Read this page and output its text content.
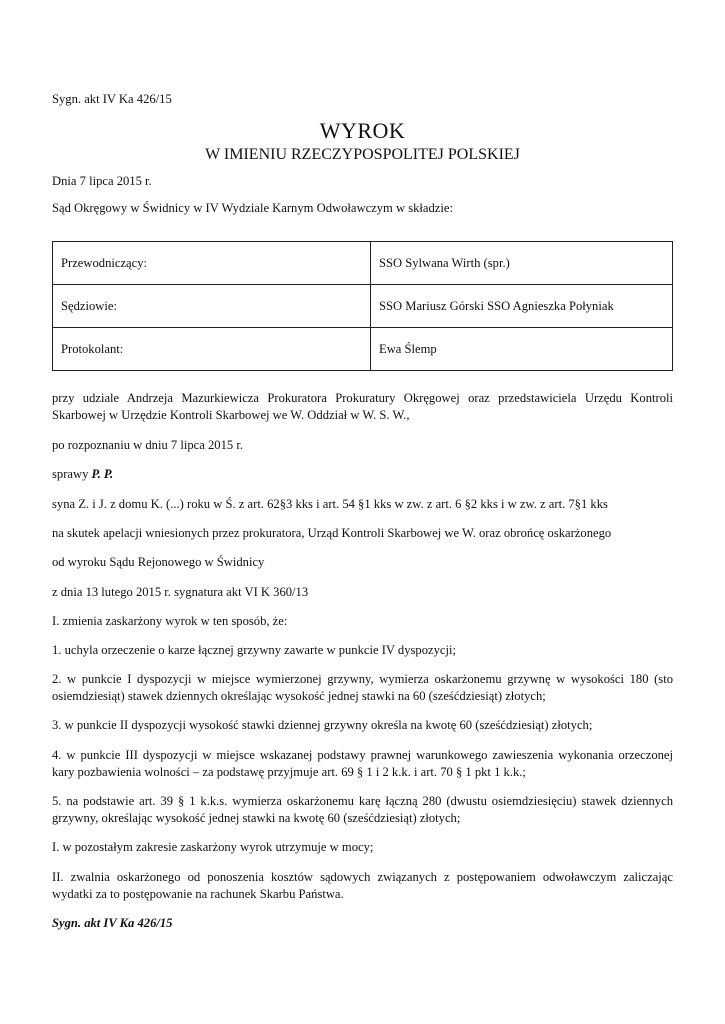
Sygn. akt IV Ka 426/15
WYROK
W IMIENIU RZECZYPOSPOLITEJ POLSKIEJ
Dnia 7 lipca 2015 r.
Sąd Okręgowy w Świdnicy w IV Wydziale Karnym Odwoławczym w składzie:
Przewodniczący:	SSO Sylwana Wirth (spr.)
Sędziowie:	SSO Mariusz Górski SSO Agnieszka Połyniak
Protokolant:	Ewa Ślemp
przy udziale Andrzeja Mazurkiewicza Prokuratora Prokuratury Okręgowej oraz przedstawiciela Urzędu Kontroli Skarbowej w Urzędzie Kontroli Skarbowej we W. Oddział w W. S. W.,
po rozpoznaniu w dniu 7 lipca 2015 r.
sprawy P. P.
syna Z. i J. z domu K. (...) roku w Ś. z art. 62§3 kks i art. 54 §1 kks w zw. z art. 6 §2 kks i w zw. z art. 7§1 kks
na skutek apelacji wniesionych przez prokuratora, Urząd Kontroli Skarbowej we W. oraz obrońcę oskarżonego
od wyroku Sądu Rejonowego w Świdnicy
z dnia 13 lutego 2015 r. sygnatura akt VI K 360/13
I. zmienia zaskarżony wyrok w ten sposób, że:
1. uchyla orzeczenie o karze łącznej grzywny zawarte w punkcie IV dyspozycji;
2. w punkcie I dyspozycji w miejsce wymierzonej grzywny, wymierza oskarżonemu grzywnę w wysokości 180 (sto osiemdziesiąt) stawek dziennych określając wysokość jednej stawki na 60 (sześćdziesiąt) złotych;
3. w punkcie II dyspozycji wysokość stawki dziennej grzywny określa na kwotę 60 (sześćdziesiąt) złotych;
4. w punkcie III dyspozycji w miejsce wskazanej podstawy prawnej warunkowego zawieszenia wykonania orzeczonej kary pozbawienia wolności – za podstawę przyjmuje art. 69 § 1 i 2 k.k. i art. 70 § 1 pkt 1 k.k.;
5. na podstawie art. 39 § 1 k.k.s. wymierza oskarżonemu karę łączną 280 (dwustu osiemdziesięciu) stawek dziennych grzywny, określając wysokość jednej stawki na kwotę 60 (sześćdziesiąt) złotych;
I. w pozostałym zakresie zaskarżony wyrok utrzymuje w mocy;
II. zwalnia oskarżonego od ponoszenia kosztów sądowych związanych z postępowaniem odwoławczym zaliczając wydatki za to postępowanie na rachunek Skarbu Państwa.
Sygn. akt IV Ka 426/15
